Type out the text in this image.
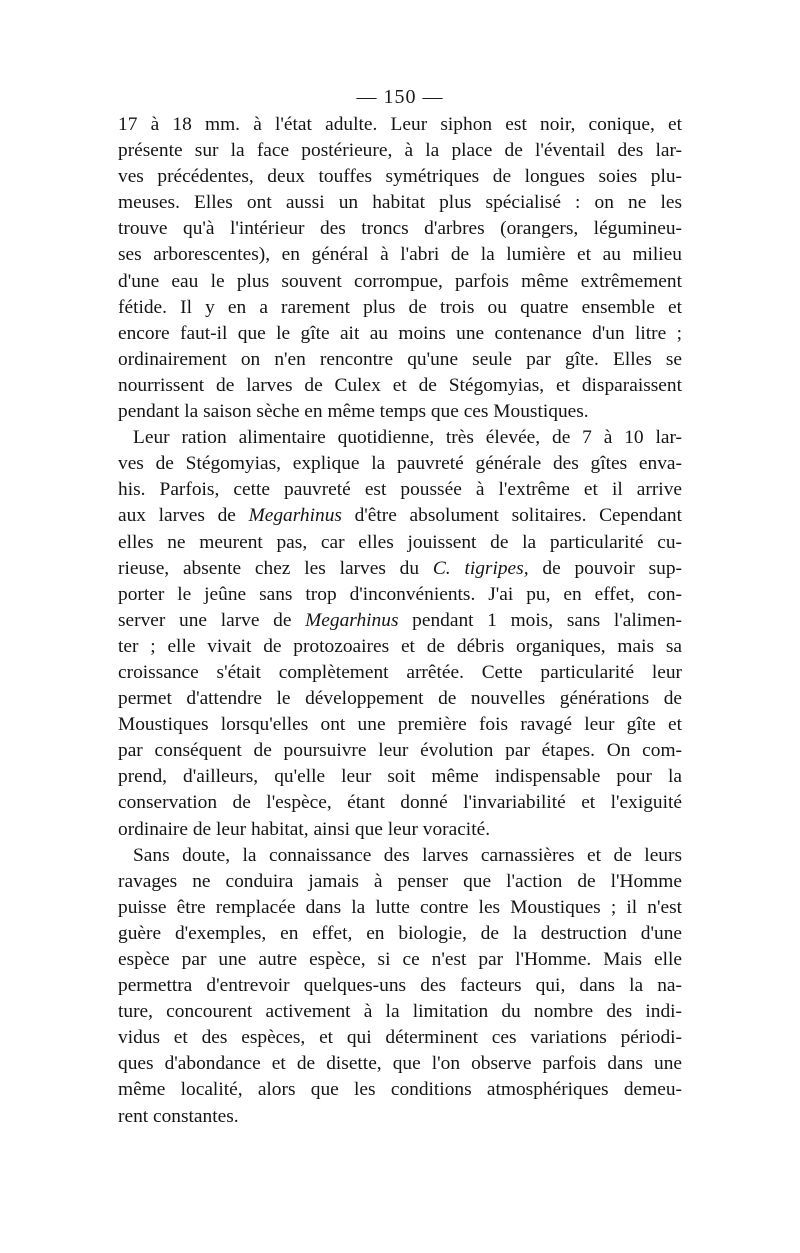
— 150 —
17 à 18 mm. à l'état adulte. Leur siphon est noir, conique, et
présente sur la face postérieure, à la place de l'éventail des lar-
ves précédentes, deux touffes symétriques de longues soies plu-
meuses. Elles ont aussi un habitat plus spécialisé : on ne les
trouve qu'à l'intérieur des troncs d'arbres (orangers, légumineu-
ses arborescentes), en général à l'abri de la lumière et au milieu
d'une eau le plus souvent corrompue, parfois même extrêmement
fétide. Il y en a rarement plus de trois ou quatre ensemble et
encore faut-il que le gîte ait au moins une contenance d'un litre ;
ordinairement on n'en rencontre qu'une seule par gîte. Elles se
nourrissent de larves de Culex et de Stégomyias, et disparaissent
pendant la saison sèche en même temps que ces Moustiques.
Leur ration alimentaire quotidienne, très élevée, de 7 à 10 lar-
ves de Stégomyias, explique la pauvreté générale des gîtes enva-
his. Parfois, cette pauvreté est poussée à l'extrême et il arrive
aux larves de Megarhinus d'être absolument solitaires. Cependant
elles ne meurent pas, car elles jouissent de la particularité cu-
rieuse, absente chez les larves du C. tigripes, de pouvoir sup-
porter le jeûne sans trop d'inconvénients. J'ai pu, en effet, con-
server une larve de Megarhinus pendant 1 mois, sans l'alimen-
ter ; elle vivait de protozoaires et de débris organiques, mais sa
croissance s'était complètement arrêtée. Cette particularité leur
permet d'attendre le développement de nouvelles générations de
Moustiques lorsqu'elles ont une première fois ravagé leur gîte et
par conséquent de poursuivre leur évolution par étapes. On com-
prend, d'ailleurs, qu'elle leur soit même indispensable pour la
conservation de l'espèce, étant donné l'invariabilité et l'exiguité
ordinaire de leur habitat, ainsi que leur voracité.
Sans doute, la connaissance des larves carnassières et de leurs
ravages ne conduira jamais à penser que l'action de l'Homme
puisse être remplacée dans la lutte contre les Moustiques ; il n'est
guère d'exemples, en effet, en biologie, de la destruction d'une
espèce par une autre espèce, si ce n'est par l'Homme. Mais elle
permettra d'entrevoir quelques-uns des facteurs qui, dans la na-
ture, concourent activement à la limitation du nombre des indi-
vidus et des espèces, et qui déterminent ces variations périodi-
ques d'abondance et de disette, que l'on observe parfois dans une
même localité, alors que les conditions atmosphériques demeu-
rent constantes.
